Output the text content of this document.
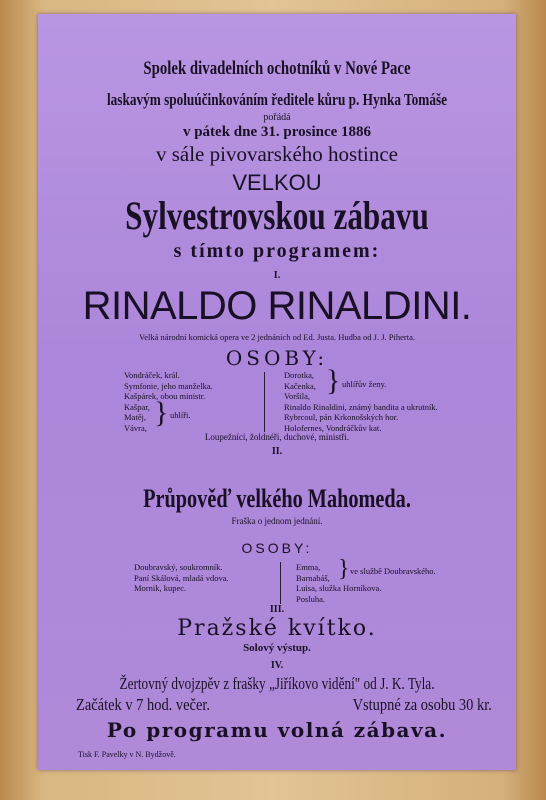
Spolek divadelních ochotníků v Nové Pace
laskavým spoluúčinkováním ředitele kůru p. Hynka Tomáše
pořádá
v pátek dne 31. prosince 1886
v sále pivovarského hostince
VELKOU
Sylvestrovskou zábavu
s tímto programem:
I.
RINALDO RINALDINI.
Velká národní komická opera ve 2 jednáních od Ed. Justa. Hudba od J. J. Piherta.
OSOBY:
Vondráček, král.
Symfonie, jeho manželka.
Kašpárek, obou ministr.
Kašpar,
Matěj,
Vávra, } uhlíři.
Dorotka,
Kačenka,
Voršila,
Rinaldo Rinaldini, známý bandita a ukrutník.
Rybrcoul, pán Krkonošských hor.
Holofernes, Vondráčkův kat.
} uhlířův ženy.
Loupežníci, žoldnéři, duchové, ministři.
II.
Průpověď velkého Mahomeda.
Fraška o jednom jednání.
OSOBY:
Doubravský, soukromník.
Paní Skálová, mladá vdova.
Mornik, kupec.
Emma,
Barnabáš,
Luisa, služka Horníkova.
Posluha.
} ve službě Doubravského.
III.
Pražské kvítko.
Solový výstup.
IV.
Žertovný dvojzpěv z frašky „Jiříkovo vidění" od J. K. Tyla.
Začátek v 7 hod. večer.	Vstupné za osobu 30 kr.
Po programu volná zábava.
Tisk F. Pavelky v N. Bydžově.
